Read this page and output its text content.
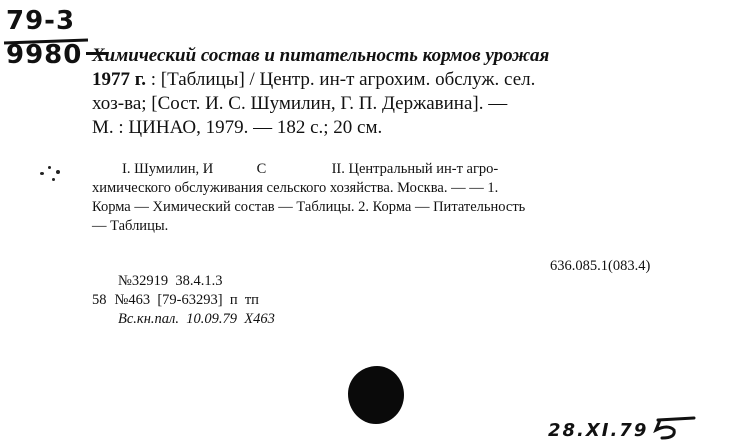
79-3
9980 Химический состав и питательность кормов урожая

1977 г. : [Таблицы] / Центр. ин-т агрохим. обслуж. сел.

хоз-ва; [Сост. И. С. Шумилин, Г. П. Державина]. —

М. : ЦИНАО, 1979. — 182 с.; 20 см.

I. Шумилин, И            С                  II. Центральный ин-т агро-

химического обслуживания сельского хозяйства. Москва. — — 1.

Корма — Химический состав — Таблицы. 2. Корма — Питательность

— Таблицы.

636.085.1(083.4)

№32919  38.4.1.3

58 №463  [79-63293]  п  тп

Вс.кн.пал.  10.09.79  Х463

28.XI.79
